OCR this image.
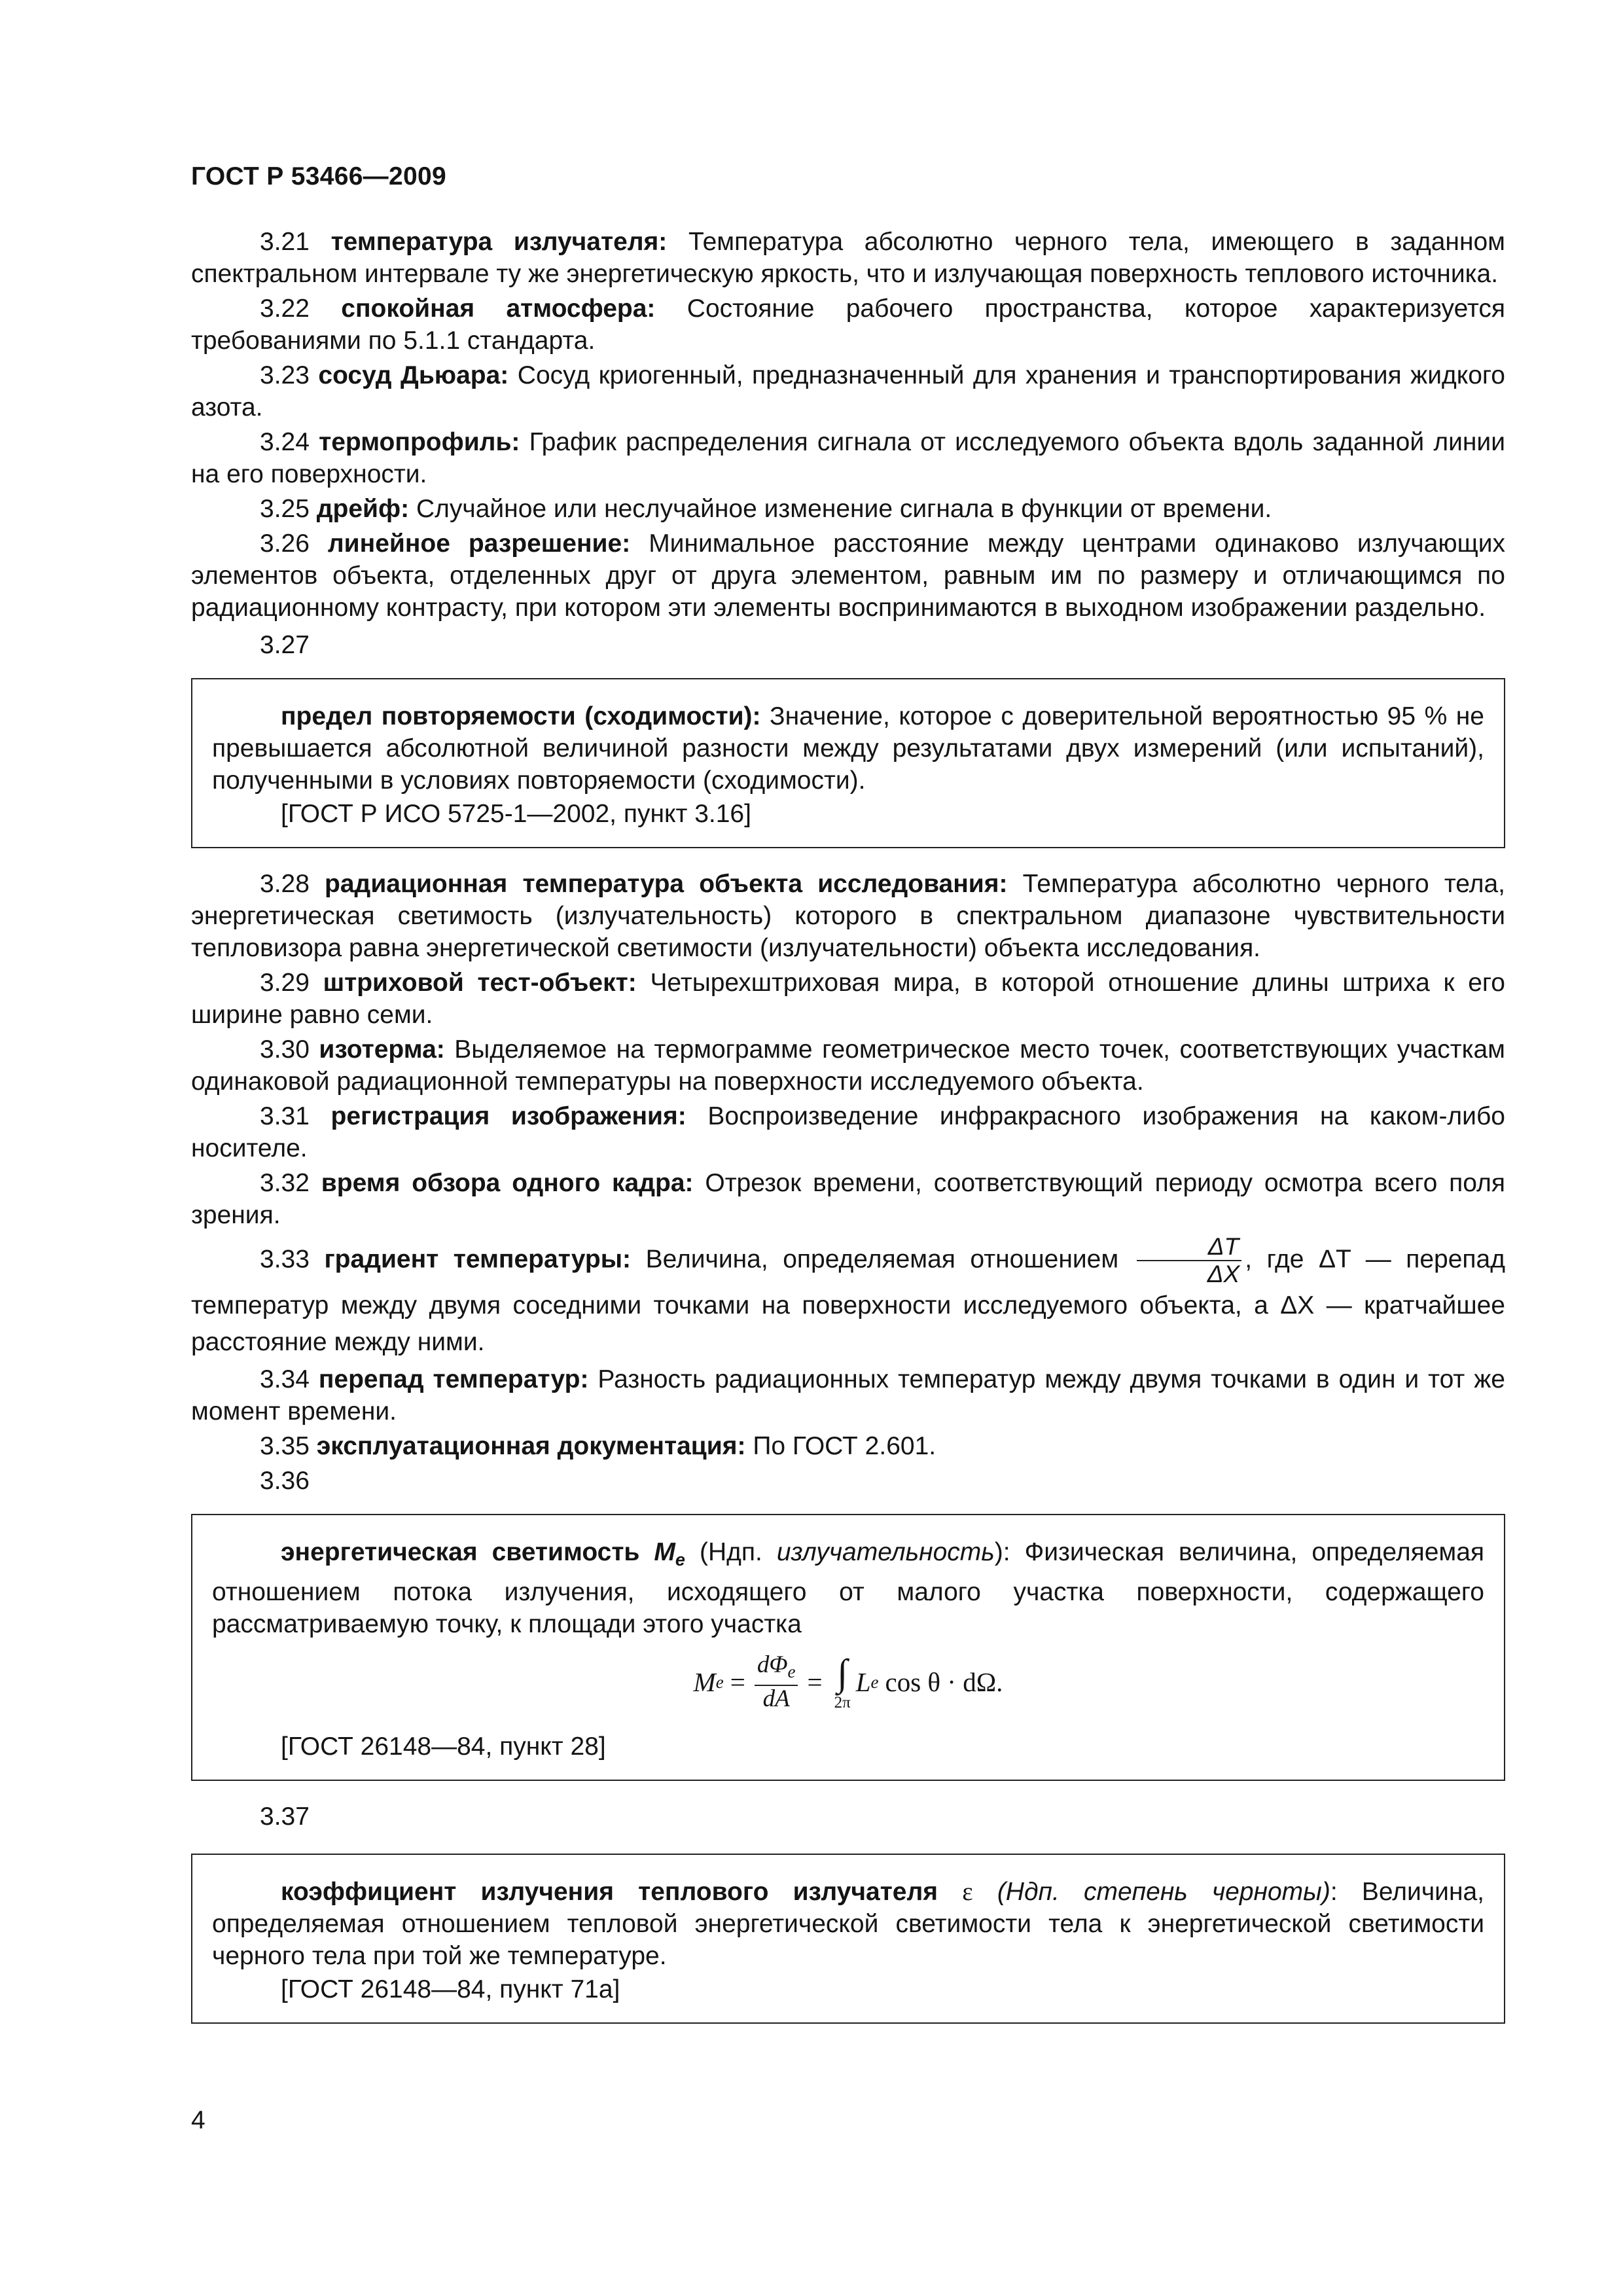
ГОСТ Р 53466—2009

3.21 температура излучателя: Температура абсолютно черного тела, имеющего в заданном спектральном интервале ту же энергетическую яркость, что и излучающая поверхность теплового источника.

3.22 спокойная атмосфера: Состояние рабочего пространства, которое характеризуется требованиями по 5.1.1 стандарта.

3.23 сосуд Дьюара: Сосуд криогенный, предназначенный для хранения и транспортирования жидкого азота.

3.24 термопрофиль: График распределения сигнала от исследуемого объекта вдоль заданной линии на его поверхности.

3.25 дрейф: Случайное или неслучайное изменение сигнала в функции от времени.

3.26 линейное разрешение: Минимальное расстояние между центрами одинаково излучающих элементов объекта, отделенных друг от друга элементом, равным им по размеру и отличающимся по радиационному контрасту, при котором эти элементы воспринимаются в выходном изображении раздельно.

3.27

предел повторяемости (сходимости): Значение, которое с доверительной вероятностью 95 % не превышается абсолютной величиной разности между результатами двух измерений (или испытаний), полученными в условиях повторяемости (сходимости).

[ГОСТ Р ИСО 5725-1—2002, пункт 3.16]

3.28 радиационная температура объекта исследования: Температура абсолютно черного тела, энергетическая светимость (излучательность) которого в спектральном диапазоне чувствительности тепловизора равна энергетической светимости (излучательности) объекта исследования.

3.29 штриховой тест-объект: Четырехштриховая мира, в которой отношение длины штриха к его ширине равно семи.

3.30 изотерма: Выделяемое на термограмме геометрическое место точек, соответствующих участкам одинаковой радиационной температуры на поверхности исследуемого объекта.

3.31 регистрация изображения: Воспроизведение инфракрасного изображения на каком-либо носителе.

3.32 время обзора одного кадра: Отрезок времени, соответствующий периоду осмотра всего поля зрения.

3.33 градиент температуры: Величина, определяемая отношением $\frac{\Delta T}{\Delta X}$ , где ΔT — перепад температур между двумя соседними точками на поверхности исследуемого объекта, а ΔX — кратчайшее расстояние между ними.

3.34 перепад температур: Разность радиационных температур между двумя точками в один и тот же момент времени.

3.35 эксплуатационная документация: По ГОСТ 2.601.

3.36

энергетическая светимость $M_e$ (Ндп. излучательность): Физическая величина, определяемая отношением потока излучения, исходящего от малого участка поверхности, содержащего рассматриваемую точку, к площади этого участка

M $e = \frac{d\Phi_e}{dA}$ = ∫
2π
L e cos θ · dΩ.

[ГОСТ 26148—84, пункт 28]

3.37

коэффициент излучения теплового излучателя ε (Ндп. степень черноты): Величина, определяемая отношением тепловой энергетической светимости тела к энергетической светимости черного тела при той же температуре.

[ГОСТ 26148—84, пункт 71а]

4
